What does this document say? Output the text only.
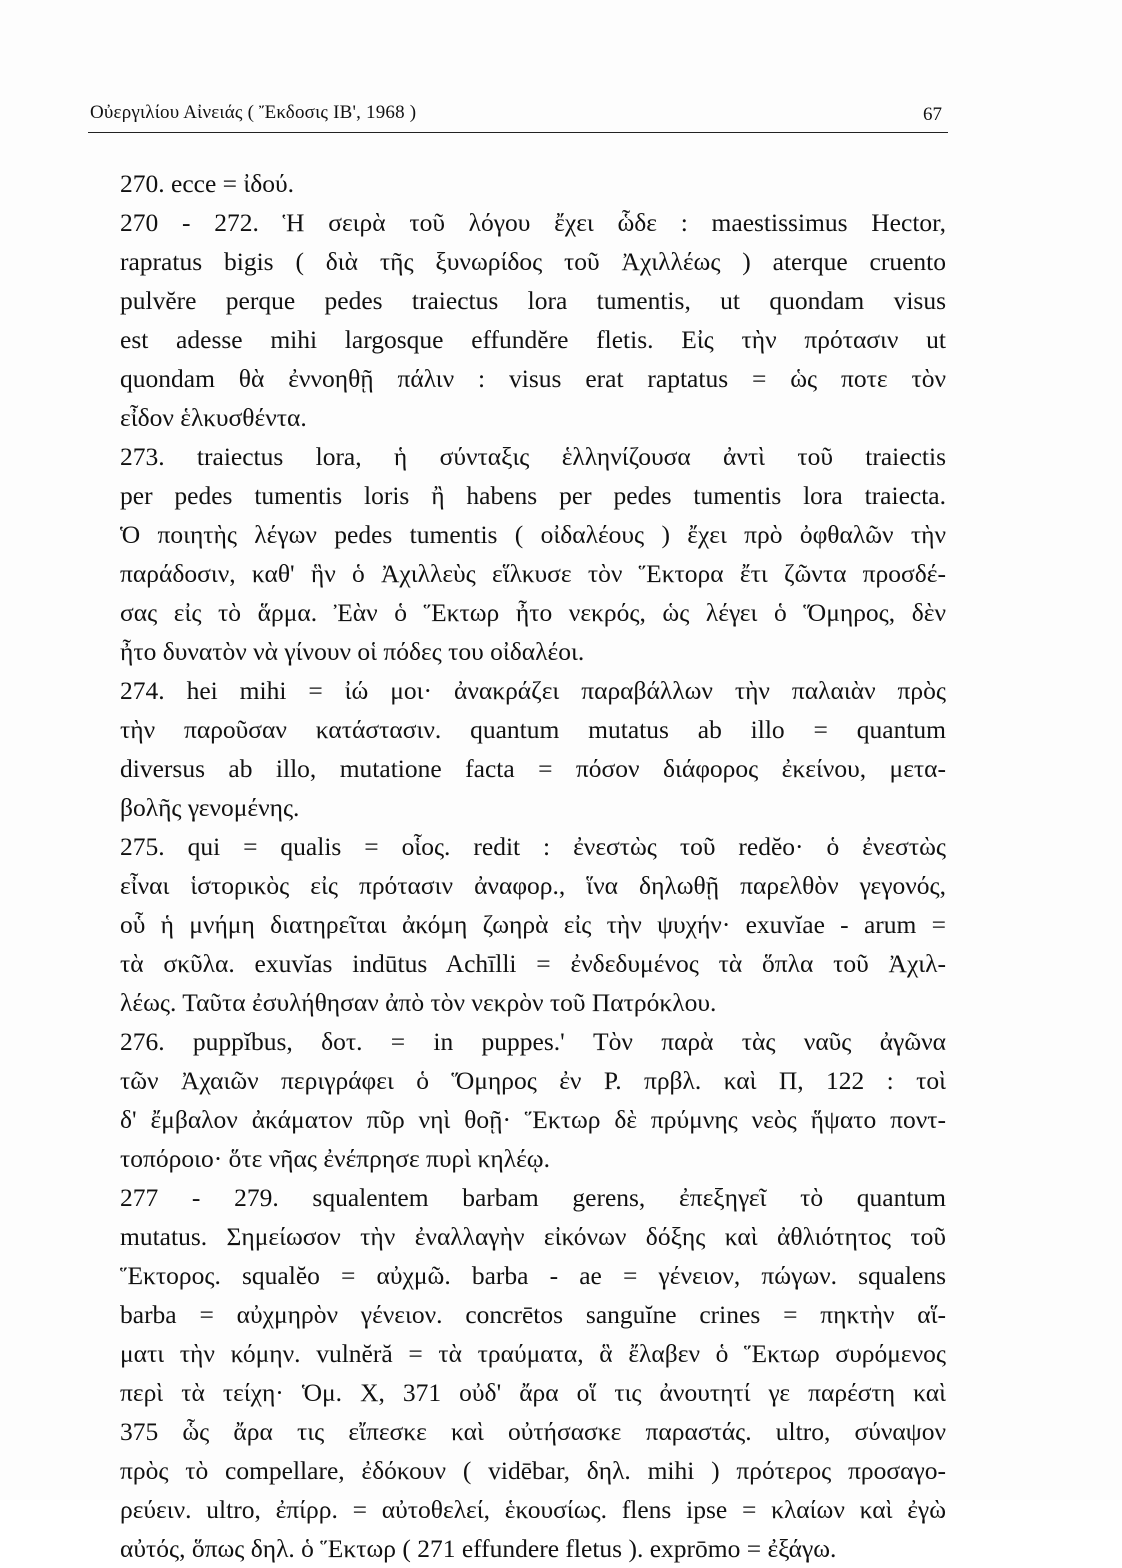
Οὐεργιλίου Αἰνειάς ( Ἔκδοσις ΙΒ', 1968 )	67
270. ecce = ἰδού.
270 - 272. Ἡ σειρὰ τοῦ λόγου ἔχει ὧδε : maestissimus Hector,
rapratus bigis ( διὰ τῆς ξυνωρίδος τοῦ Ἀχιλλέως ) aterque cruento
pulvĕre perque pedes traiectus lora tumentis, ut quondam visus
est adesse mihi largosque effundĕre fletis. Εἰς τὴν πρότασιν ut
quondam θὰ ἐννοηθῇ πάλιν : visus erat raptatus = ὡς ποτε τὸν
εἶδον ἑλκυσθέντα.
273. traiectus lora, ἡ σύνταξις ἑλληνίζουσα ἀντὶ τοῦ traiectis
per pedes tumentis loris ἢ habens per pedes tumentis lora traiecta.
Ὁ ποιητὴς λέγων pedes tumentis ( οἰδαλέους ) ἔχει πρὸ ὀφθαλῶν τὴν
παράδοσιν, καθ' ἣν ὁ Ἀχιλλεὺς εἵλκυσε τὸν Ἕκτορα ἔτι ζῶντα προσδέ-
σας εἰς τὸ ἅρμα. Ἐὰν ὁ Ἕκτωρ ἦτο νεκρός, ὡς λέγει ὁ Ὅμηρος, δὲν
ἦτο δυνατὸν νὰ γίνουν οἱ πόδες του οἰδαλέοι.
274. hei mihi = ἰώ μοι· ἀνακράζει παραβάλλων τὴν παλαιὰν πρὸς
τὴν παροῦσαν κατάστασιν. quantum mutatus ab illo = quantum
diversus ab illo, mutatione facta = πόσον διάφορος ἐκείνου, μετα-
βολῆς γενομένης.
275. qui = qualis = οἷος. redit : ἐνεστὼς τοῦ redĕo· ὁ ἐνεστὼς
εἶναι ἱστορικὸς εἰς πρότασιν ἀναφορ., ἵνα δηλωθῇ παρελθὸν γεγονός,
οὗ ἡ μνήμη διατηρεῖται ἀκόμη ζωηρὰ εἰς τὴν ψυχήν· exuvĭae - arum =
τὰ σκῦλα. exuvĭas indūtus Achīlli = ἐνδεδυμένος τὰ ὅπλα τοῦ Ἀχιλ-
λέως. Ταῦτα ἐσυλήθησαν ἀπὸ τὸν νεκρὸν τοῦ Πατρόκλου.
276. puppĭbus, δοτ. = in puppes.' Τὸν παρὰ τὰς ναῦς ἀγῶνα
τῶν Ἀχαιῶν περιγράφει ὁ Ὅμηρος ἐν Ρ. πρβλ. καὶ Π, 122 : τοὶ
δ' ἔμβαλον ἀκάματον πῦρ νηὶ θοῇ· Ἕκτωρ δὲ πρύμνης νεὸς ἥψατο ποντ-
τοπόροιο· ὅτε νῆας ἐνέπρησε πυρὶ κηλέῳ.
277 - 279. squalentem barbam gerens, ἐπεξηγεῖ τὸ quantum
mutatus. Σημείωσον τὴν ἐναλλαγὴν εἰκόνων δόξης καὶ ἀθλιότητος τοῦ
Ἕκτορος. squalĕo = αὐχμῶ. barba - ae = γένειον, πώγων. squalens
barba = αὐχμηρὸν γένειον. concrētos sanguĭne crines = πηκτὴν αἵ-
ματι τὴν κόμην. vulnĕră = τὰ τραύματα, ἃ ἔλαβεν ὁ Ἕκτωρ συρόμενος
περὶ τὰ τείχη· Ὁμ. Χ, 371 οὐδ' ἄρα οἵ τις ἀνουτητί γε παρέστη καὶ
375 ὧς ἄρα τις εἴπεσκε καὶ οὐτήσασκε παραστάς. ultro, σύναψον
πρὸς τὸ compellare, ἐδόκουν ( vidēbar, δηλ. mihi ) πρότερος προσαγο-
ρεύειν. ultro, ἐπίρρ. = αὐτοθελεί, ἑκουσίως. flens ipse = κλαίων καὶ ἐγὼ
αὐτός, ὅπως δηλ. ὁ Ἕκτωρ ( 271 effundere fletus ). exprōmo = ἐξάγω.
